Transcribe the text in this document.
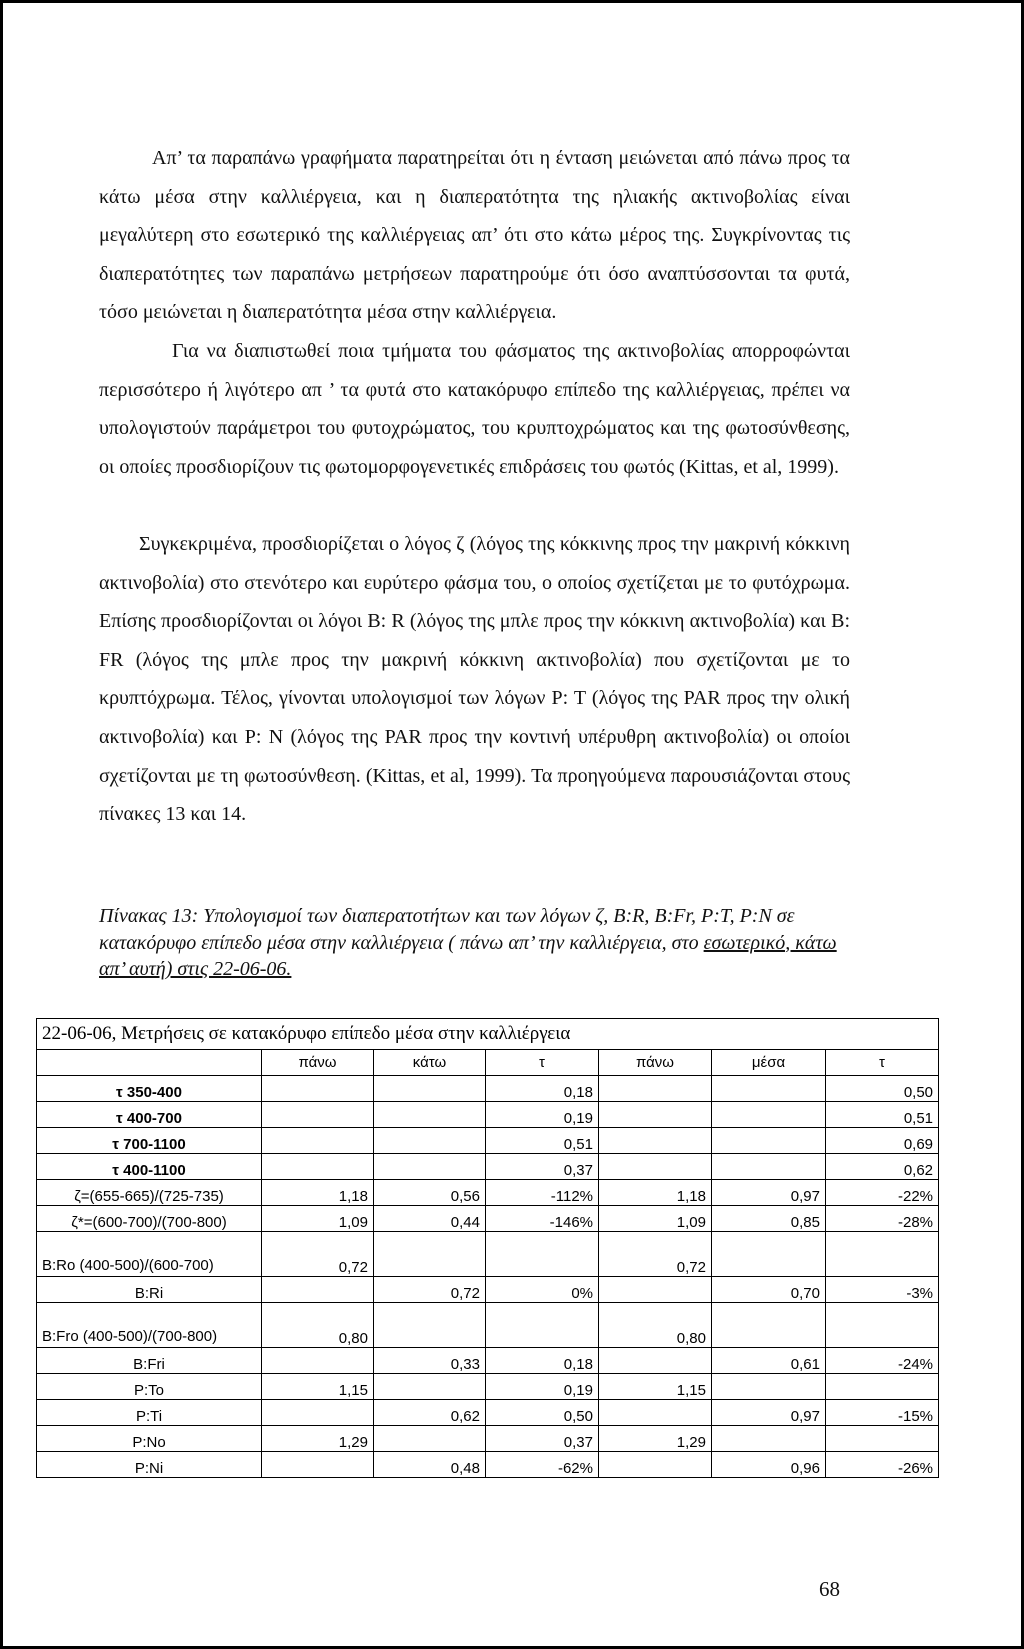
Απ’ τα παραπάνω γραφήματα παρατηρείται ότι η ένταση μειώνεται από πάνω προς τα κάτω μέσα στην καλλιέργεια, και η διαπερατότητα της ηλιακής ακτινοβολίας είναι μεγαλύτερη στο εσωτερικό της καλλιέργειας απ’ ότι στο κάτω μέρος της. Συγκρίνοντας τις διαπερατότητες των παραπάνω μετρήσεων παρατηρούμε ότι όσο αναπτύσσονται τα φυτά, τόσο μειώνεται η διαπερατότητα μέσα στην καλλιέργεια.
Για να διαπιστωθεί ποια τμήματα του φάσματος της ακτινοβολίας απορροφώνται περισσότερο ή λιγότερο απ ’ τα φυτά στο κατακόρυφο επίπεδο της καλλιέργειας, πρέπει να υπολογιστούν παράμετροι του φυτοχρώματος, του κρυπτοχρώματος και της φωτοσύνθεσης, οι οποίες προσδιορίζουν τις φωτομορφογενετικές επιδράσεις του φωτός (Kittas, et al, 1999).
Συγκεκριμένα, προσδιορίζεται ο λόγος ζ (λόγος της κόκκινης προς την μακρινή κόκκινη ακτινοβολία) στο στενότερο και ευρύτερο φάσμα του, ο οποίος σχετίζεται με το φυτόχρωμα. Επίσης προσδιορίζονται οι λόγοι B: R (λόγος της μπλε προς την κόκκινη ακτινοβολία) και B: FR (λόγος της μπλε προς την μακρινή κόκκινη ακτινοβολία) που σχετίζονται με το κρυπτόχρωμα. Τέλος, γίνονται υπολογισμοί των λόγων P: T (λόγος της PAR προς την ολική ακτινοβολία) και P: N (λόγος της PAR προς την κοντινή υπέρυθρη ακτινοβολία) οι οποίοι σχετίζονται με τη φωτοσύνθεση. (Kittas, et al, 1999). Τα προηγούμενα παρουσιάζονται στους πίνακες 13 και 14.
Πίνακας 13: Υπολογισμοί των διαπερατοτήτων και των λόγων ζ, B:R, B:Fr, P:T, P:N σε κατακόρυφο επίπεδο μέσα στην καλλιέργεια ( πάνω απ’ την καλλιέργεια, στο εσωτερικό, κάτω απ’ αυτή) στις 22-06-06.
22-06-06, Μετρήσεις σε κατακόρυφο επίπεδο μέσα στην καλλιέργεια						
	πάνω	κάτω	τ	πάνω	μέσα	τ
τ 350-400			0,18			0,50
τ 400-700			0,19			0,51
τ 700-1100			0,51			0,69
τ 400-1100			0,37			0,62
ζ=(655-665)/(725-735)	1,18	0,56	-112%	1,18	0,97	-22%
ζ*=(600-700)/(700-800)	1,09	0,44	-146%	1,09	0,85	-28%
B:Ro (400-500)/(600-700)	0,72			0,72		
B:Ri		0,72	0%		0,70	-3%
B:Fro (400-500)/(700-800)	0,80			0,80		
B:Fri		0,33	0,18		0,61	-24%
P:To	1,15		0,19	1,15		
P:Ti		0,62	0,50		0,97	-15%
P:No	1,29		0,37	1,29		
P:Ni		0,48	-62%		0,96	-26%
68
